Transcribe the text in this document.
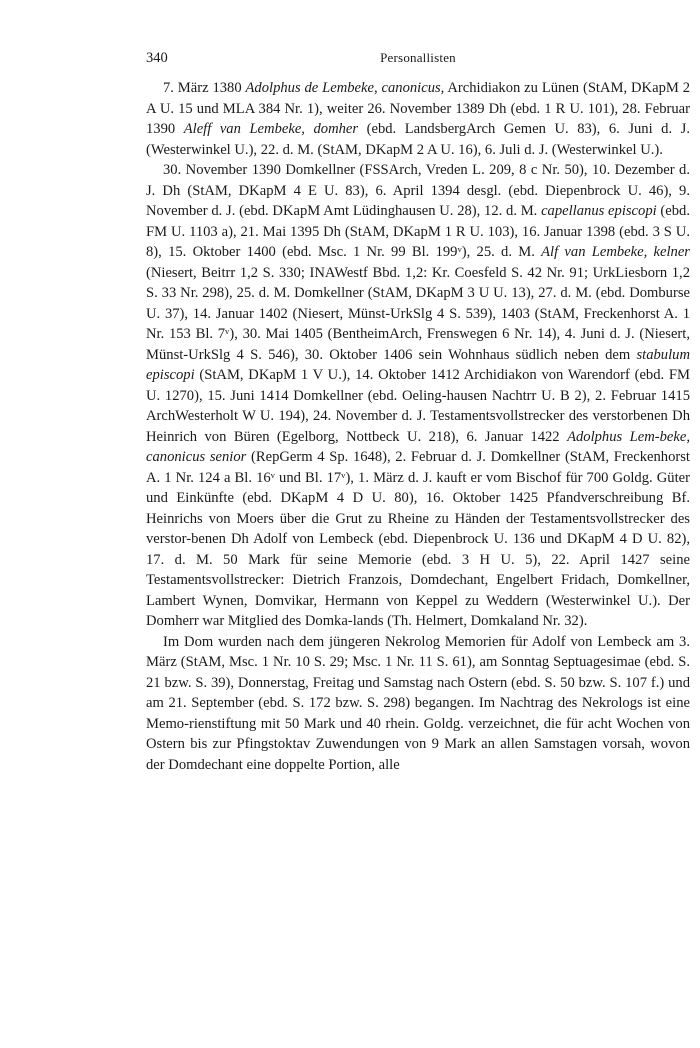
340	Personallisten

7. März 1380 Adolphus de Lembeke, canonicus, Archidiakon zu Lünen (StAM, DKapM 2 A U. 15 und MLA 384 Nr. 1), weiter 26. November 1389 Dh (ebd. 1 R U. 101), 28. Februar 1390 Aleff van Lembeke, domher (ebd. LandsbergArch Gemen U. 83), 6. Juni d. J. (Westerwinkel U.), 22. d. M. (StAM, DKapM 2 A U. 16), 6. Juli d. J. (Westerwinkel U.).

30. November 1390 Domkellner (FSSArch, Vreden L. 209, 8 c Nr. 50), 10. Dezember d. J. Dh (StAM, DKapM 4 E U. 83), 6. April 1394 desgl. (ebd. Diepenbrock U. 46), 9. November d. J. (ebd. DKapM Amt Lüdinghausen U. 28), 12. d. M. capellanus episcopi (ebd. FM U. 1103 a), 21. Mai 1395 Dh (StAM, DKapM 1 R U. 103), 16. Januar 1398 (ebd. 3 S U. 8), 15. Oktober 1400 (ebd. Msc. 1 Nr. 99 Bl. 199ᵛ), 25. d. M. Alf van Lembeke, kelner (Niesert, Beitrr 1,2 S. 330; INAWestf Bbd. 1,2: Kr. Coesfeld S. 42 Nr. 91; UrkLiesborn 1,2 S. 33 Nr. 298), 25. d. M. Domkellner (StAM, DKapM 3 U U. 13), 27. d. M. (ebd. Domburse U. 37), 14. Januar 1402 (Niesert, Münst-UrkSlg 4 S. 539), 1403 (StAM, Freckenhorst A. 1 Nr. 153 Bl. 7ᵛ), 30. Mai 1405 (BentheimArch, Frenswegen 6 Nr. 14), 4. Juni d. J. (Niesert, Münst-UrkSlg 4 S. 546), 30. Oktober 1406 sein Wohnhaus südlich neben dem stabulum episcopi (StAM, DKapM 1 V U.), 14. Oktober 1412 Archidiakon von Warendorf (ebd. FM U. 1270), 15. Juni 1414 Domkellner (ebd. Oeling-hausen Nachtrr U. B 2), 2. Februar 1415 ArchWesterholt W U. 194), 24. November d. J. Testamentsvollstrecker des verstorbenen Dh Heinrich von Büren (Egelborg, Nottbeck U. 218), 6. Januar 1422 Adolphus Lem-beke, canonicus senior (RepGerm 4 Sp. 1648), 2. Februar d. J. Domkellner (StAM, Freckenhorst A. 1 Nr. 124 a Bl. 16ᵛ und Bl. 17ᵛ), 1. März d. J. kauft er vom Bischof für 700 Goldg. Güter und Einkünfte (ebd. DKapM 4 D U. 80), 16. Oktober 1425 Pfandverschreibung Bf. Heinrichs von Moers über die Grut zu Rheine zu Händen der Testamentsvollstrecker des verstor-benen Dh Adolf von Lembeck (ebd. Diepenbrock U. 136 und DKapM 4 D U. 82), 17. d. M. 50 Mark für seine Memorie (ebd. 3 H U. 5), 22. April 1427 seine Testamentsvollstrecker: Dietrich Franzois, Domdechant, Engelbert Fridach, Domkellner, Lambert Wynen, Domvikar, Hermann von Keppel zu Weddern (Westerwinkel U.). Der Domherr war Mitglied des Domka-lands (Th. Helmert, Domkaland Nr. 32).

Im Dom wurden nach dem jüngeren Nekrolog Memorien für Adolf von Lembeck am 3. März (StAM, Msc. 1 Nr. 10 S. 29; Msc. 1 Nr. 11 S. 61), am Sonntag Septuagesimae (ebd. S. 21 bzw. S. 39), Donnerstag, Freitag und Samstag nach Ostern (ebd. S. 50 bzw. S. 107 f.) und am 21. September (ebd. S. 172 bzw. S. 298) begangen. Im Nachtrag des Nekrologs ist eine Memo-rienstiftung mit 50 Mark und 40 rhein. Goldg. verzeichnet, die für acht Wochen von Ostern bis zur Pfingstoktav Zuwendungen von 9 Mark an allen Samstagen vorsah, wovon der Domdechant eine doppelte Portion, alle
